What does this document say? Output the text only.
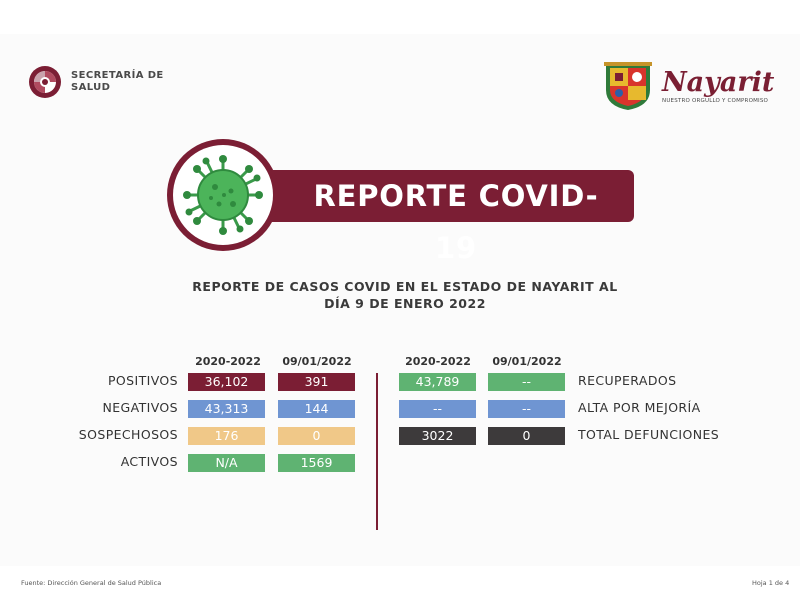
SECRETARÍA DE
SALUD	Nayarit
NUESTRO ORGULLO Y COMPROMISO
REPORTE COVID-19
REPORTE DE CASOS COVID EN EL ESTADO DE NAYARIT AL
DÍA 9 DE ENERO 2022
2020-2022	09/01/2022
POSITIVOS	36,102	391
NEGATIVOS	43,313	144
SOSPECHOSOS	176	0
ACTIVOS	N/A	1569
2020-2022	09/01/2022
43,789	--	RECUPERADOS
--	--	ALTA POR MEJORÍA
3022	0	TOTAL DEFUNCIONES
Fuente: Dirección General de Salud Pública	Hoja 1 de 4
